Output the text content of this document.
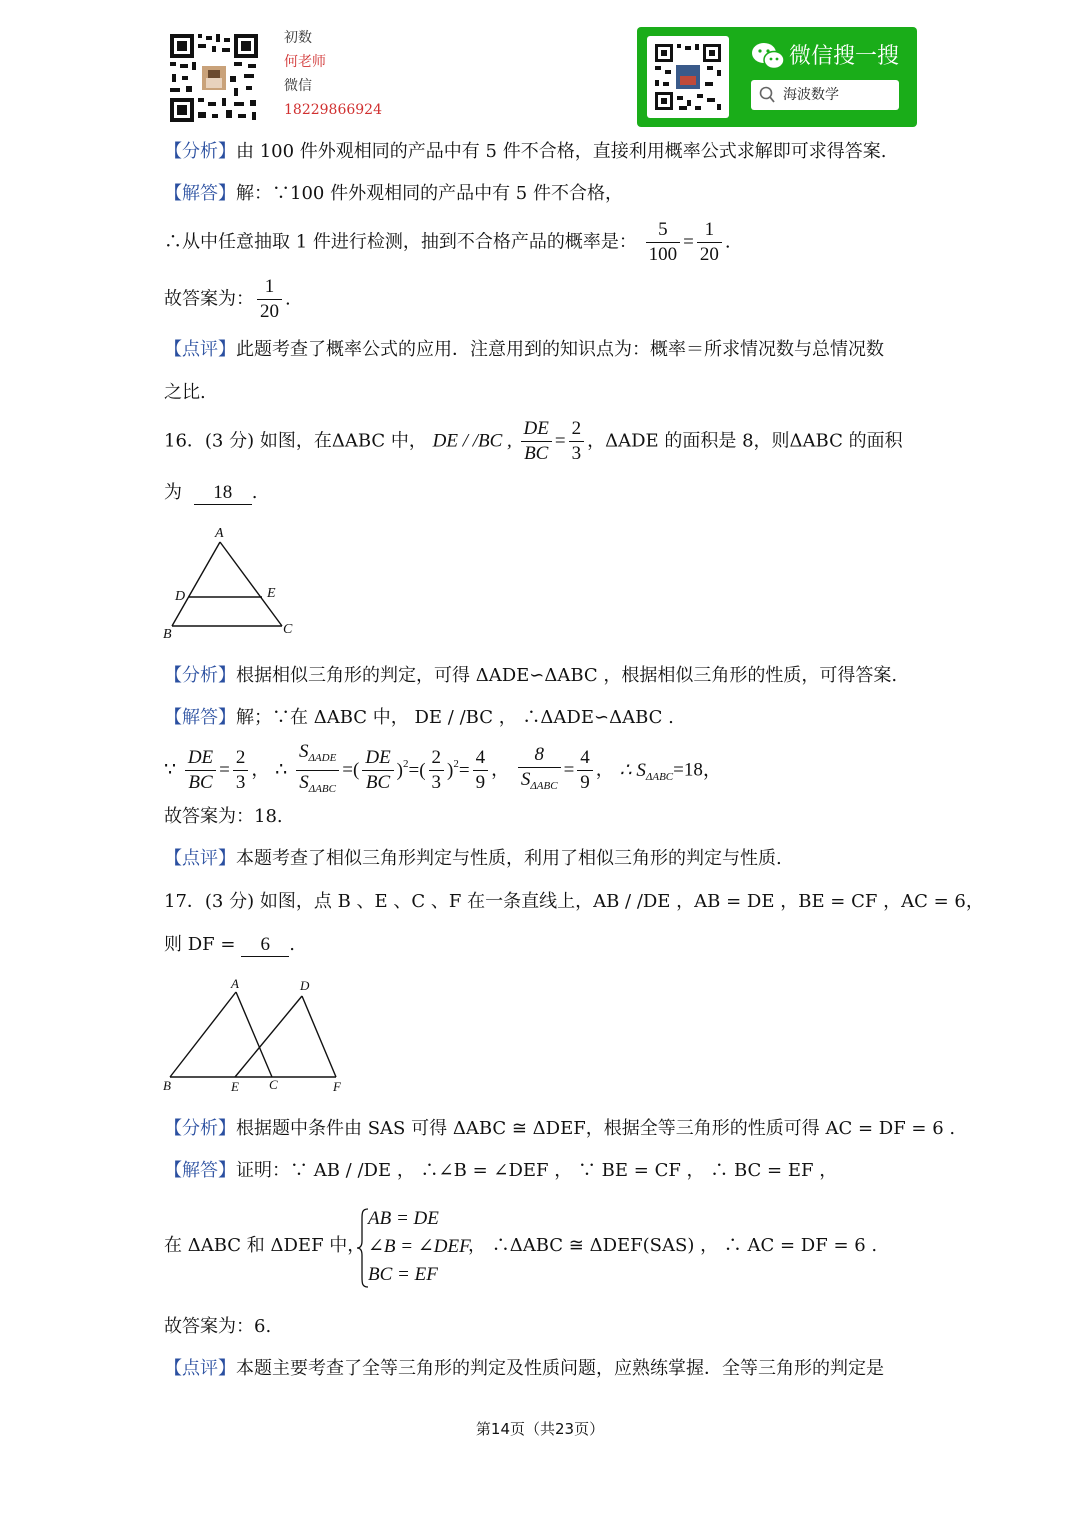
初数
何老师
微信
18229866924
微信搜一搜
海波数学
【分析】由 100 件外观相同的产品中有 5 件不合格，直接利用概率公式求解即可求得答案.
【解答】解：∵100 件外观相同的产品中有 5 件不合格，
∴从中任意抽取 1 件进行检测，抽到不合格产品的概率是： $\frac{5}{100} = \frac{1}{20}$ .
故答案为： $\frac{1}{20}$ .
【点评】此题考查了概率公式的应用．注意用到的知识点为：概率＝所求情况数与总情况数
之比.
16．(3 分) 如图，在ΔABC 中， DE / /BC , $\frac{DE}{BC} = \frac{2}{3}$ ，ΔADE 的面积是 8，则ΔABC 的面积
为 18 .
A
D	E
B	C
【分析】根据相似三角形的判定，可得 ΔADE∽ΔABC ，根据相似三角形的性质，可得答案.
【解答】解；∵在 ΔABC 中， DE / /BC ， ∴ΔADE∽ΔABC .
∵ $\frac{DE}{BC} = \frac{2}{3}$ ， ∴ $\frac{S_{\Delta ADE}}{S_{\Delta ABC}}$ =( $\frac{DE}{BC} )^2=( \frac{2}{3} )^2= \frac{4}{9}$ ， $\frac{8}{S_{\Delta ABC}} = \frac{4}{9}$ ， ∴ $S_{\Delta ABC}=18$，
故答案为：18.
【点评】本题考查了相似三角形判定与性质，利用了相似三角形的判定与性质.
17．(3 分) 如图，点 B 、E 、C 、F 在一条直线上，AB / /DE ，AB = DE ，BE = CF ，AC = 6，
则 DF = 6 .
A	D
B	E C	F
【分析】根据题中条件由 SAS 可得 ΔABC ≅ ΔDEF，根据全等三角形的性质可得 AC = DF = 6 .
【解答】证明：∵ AB / /DE ， ∴∠B = ∠DEF ， ∵ BE = CF ， ∴ BC = EF ，
在 ΔABC 和 ΔDEF 中，
AB = DE
∠B = ∠DEF
BC = EF
， ∴ΔABC ≅ ΔDEF(SAS) ， ∴ AC = DF = 6 .
故答案为：6.
【点评】本题主要考查了全等三角形的判定及性质问题，应熟练掌握．全等三角形的判定是
第14页（共23页）
